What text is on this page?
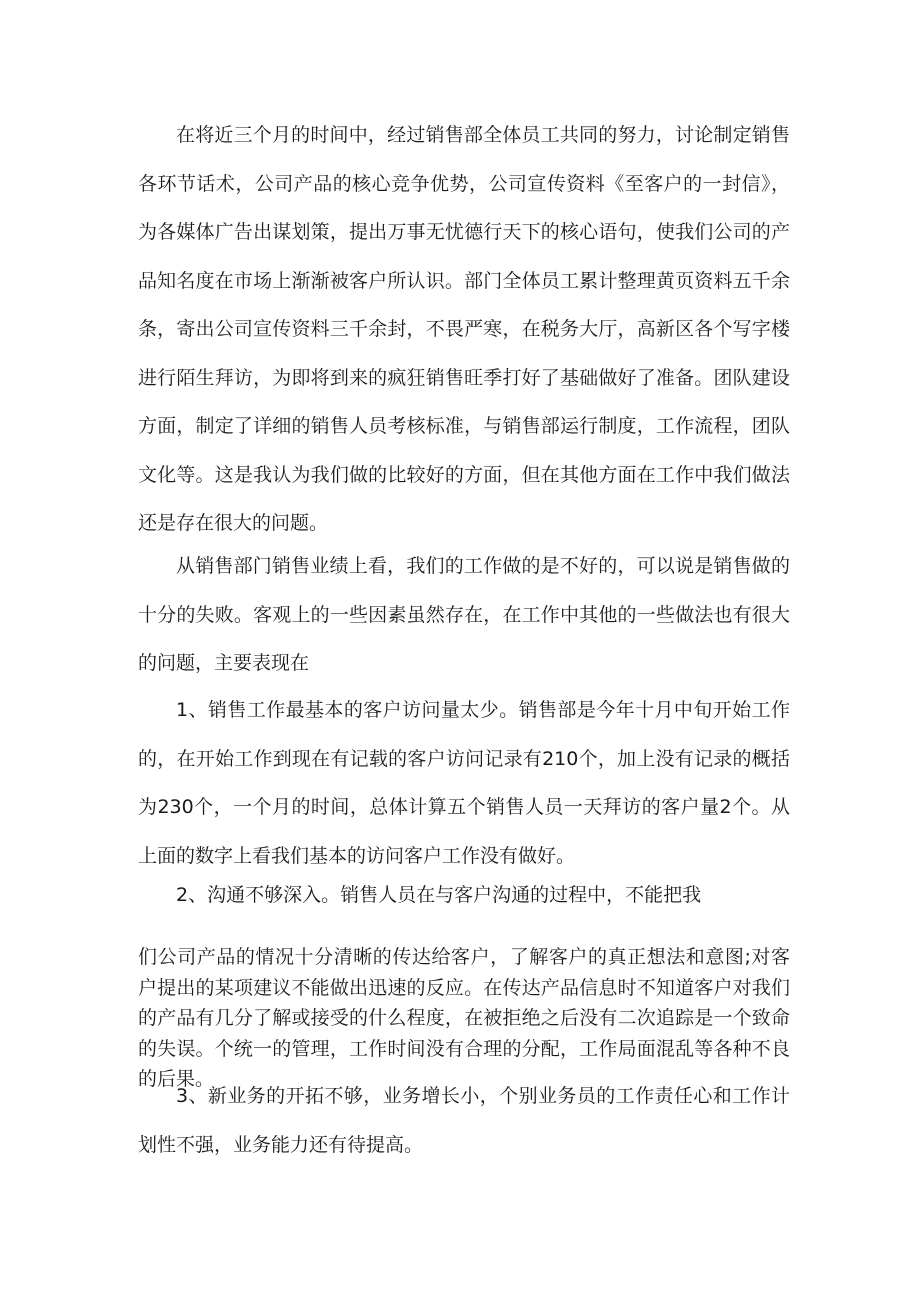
在将近三个月的时间中，经过销售部全体员工共同的努力，讨论制定销售各环节话术，公司产品的核心竞争优势，公司宣传资料《至客户的一封信》，为各媒体广告出谋划策，提出万事无忧德行天下的核心语句，使我们公司的产品知名度在市场上渐渐被客户所认识。部门全体员工累计整理黄页资料五千余条，寄出公司宣传资料三千余封，不畏严寒，在税务大厅，高新区各个写字楼进行陌生拜访，为即将到来的疯狂销售旺季打好了基础做好了准备。团队建设方面，制定了详细的销售人员考核标准，与销售部运行制度，工作流程，团队文化等。这是我认为我们做的比较好的方面，但在其他方面在工作中我们做法还是存在很大的问题。

从销售部门销售业绩上看，我们的工作做的是不好的，可以说是销售做的十分的失败。客观上的一些因素虽然存在，在工作中其他的一些做法也有很大的问题，主要表现在

1、销售工作最基本的客户访问量太少。销售部是今年十月中旬开始工作的，在开始工作到现在有记载的客户访问记录有210个，加上没有记录的概括为230个，一个月的时间，总体计算五个销售人员一天拜访的客户量2个。从上面的数字上看我们基本的访问客户工作没有做好。

2、沟通不够深入。销售人员在与客户沟通的过程中，不能把我

们公司产品的情况十分清晰的传达给客户，了解客户的真正想法和意图;对客户提出的某项建议不能做出迅速的反应。在传达产品信息时不知道客户对我们的产品有几分了解或接受的什么程度，在被拒绝之后没有二次追踪是一个致命的失误。个统一的管理，工作时间没有合理的分配，工作局面混乱等各种不良的后果。

3、新业务的开拓不够，业务增长小，个别业务员的工作责任心和工作计划性不强，业务能力还有待提高。
